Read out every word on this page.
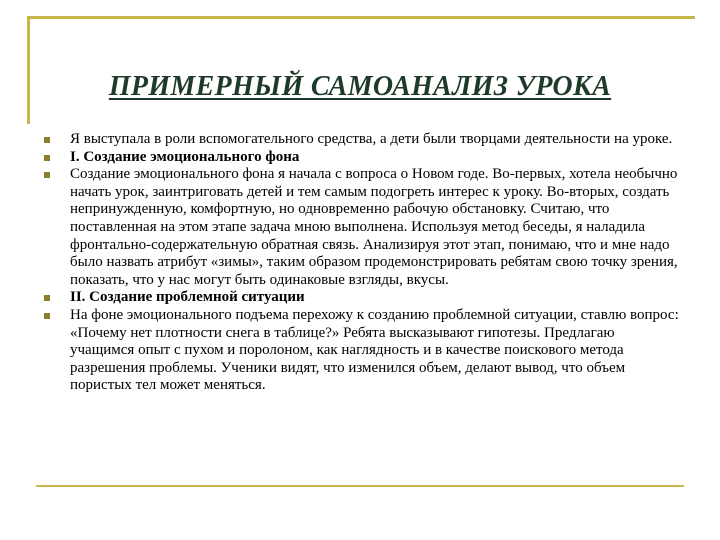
ПРИМЕРНЫЙ САМОАНАЛИЗ УРОКА
Я выступала в роли вспомогательного средства, а дети были творцами деятельности на уроке.
I. Создание эмоционального фона
Создание эмоционального фона я начала с вопроса о Новом годе. Во-первых, хотела необычно начать урок, заинтриговать детей и тем самым подогреть интерес к уроку. Во-вторых, создать непринужденную, комфортную, но одновременно рабочую обстановку. Считаю, что поставленная на этом этапе задача мною выполнена. Используя метод беседы, я наладила фронтально-содержательную обратная связь. Анализируя этот этап, понимаю, что и мне надо было назвать атрибут «зимы», таким образом продемонстрировать ребятам свою точку зрения, показать, что у нас могут быть одинаковые взгляды, вкусы.
II. Создание проблемной ситуации
На фоне эмоционального подъема перехожу к созданию проблемной ситуации, ставлю вопрос: «Почему нет плотности снега в таблице?» Ребята высказывают гипотезы. Предлагаю учащимся опыт с пухом и поролоном, как наглядность и в качестве поискового метода разрешения проблемы. Ученики видят, что изменился объем, делают вывод, что объем пористых тел может меняться.
